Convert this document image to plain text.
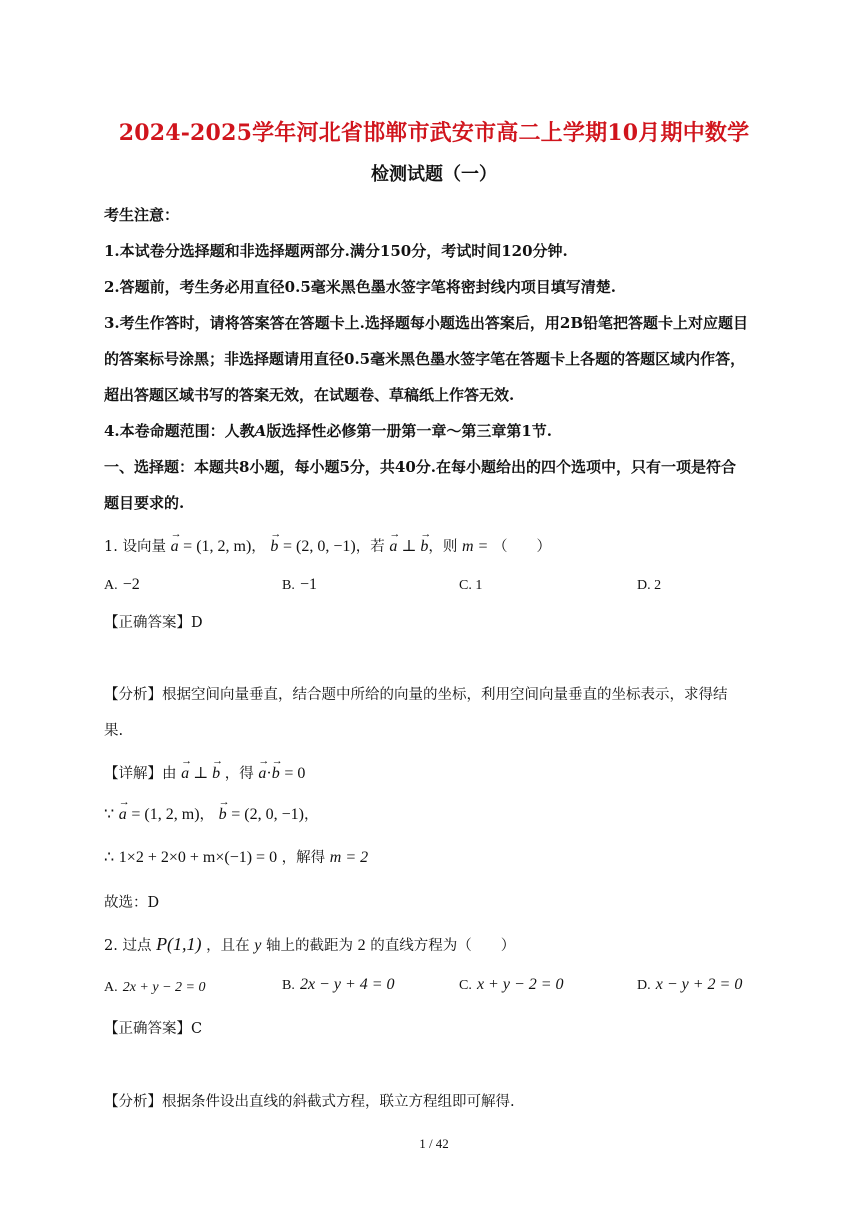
2024-2025学年河北省邯郸市武安市高二上学期10月期中数学
检测试题（一）
考生注意：
1.本试卷分选择题和非选择题两部分.满分150分，考试时间120分钟.
2.答题前，考生务必用直径0.5毫米黑色墨水签字笔将密封线内项目填写清楚.
3.考生作答时，请将答案答在答题卡上.选择题每小题选出答案后，用2B铅笔把答题卡上对应题目
的答案标号涂黑；非选择题请用直径0.5毫米黑色墨水签字笔在答题卡上各题的答题区域内作答，
超出答题区域书写的答案无效，在试题卷、草稿纸上作答无效.
4.本卷命题范围：人教A版选择性必修第一册第一章～第三章第1节.
一、选择题：本题共8小题，每小题5分，共40分.在每小题给出的四个选项中，只有一项是符合
题目要求的.
1. 设向量 → a = (1, 2, m)， → b = (2, 0, −1)，若 → a ⊥ → b，则 m = （　　）
A. −2	B. −1	C. 1	D. 2
【正确答案】D
【分析】根据空间向量垂直，结合题中所给的向量的坐标，利用空间向量垂直的坐标表示，求得结
果.
【详解】由 → a ⊥ → b ，得 → a·→ b = 0
∵ → a = (1, 2, m)， → b = (2, 0, −1)，
∴ 1×2 + 2×0 + m×(−1) = 0 ，解得 m = 2
故选：D
2. 过点 P(1,1) ，且在 y 轴上的截距为 2 的直线方程为（　　）
A. 2x + y − 2 = 0	B. 2x − y + 4 = 0	C. x + y − 2 = 0	D. x − y + 2 = 0
【正确答案】C
【分析】根据条件设出直线的斜截式方程，联立方程组即可解得.
1 / 42
